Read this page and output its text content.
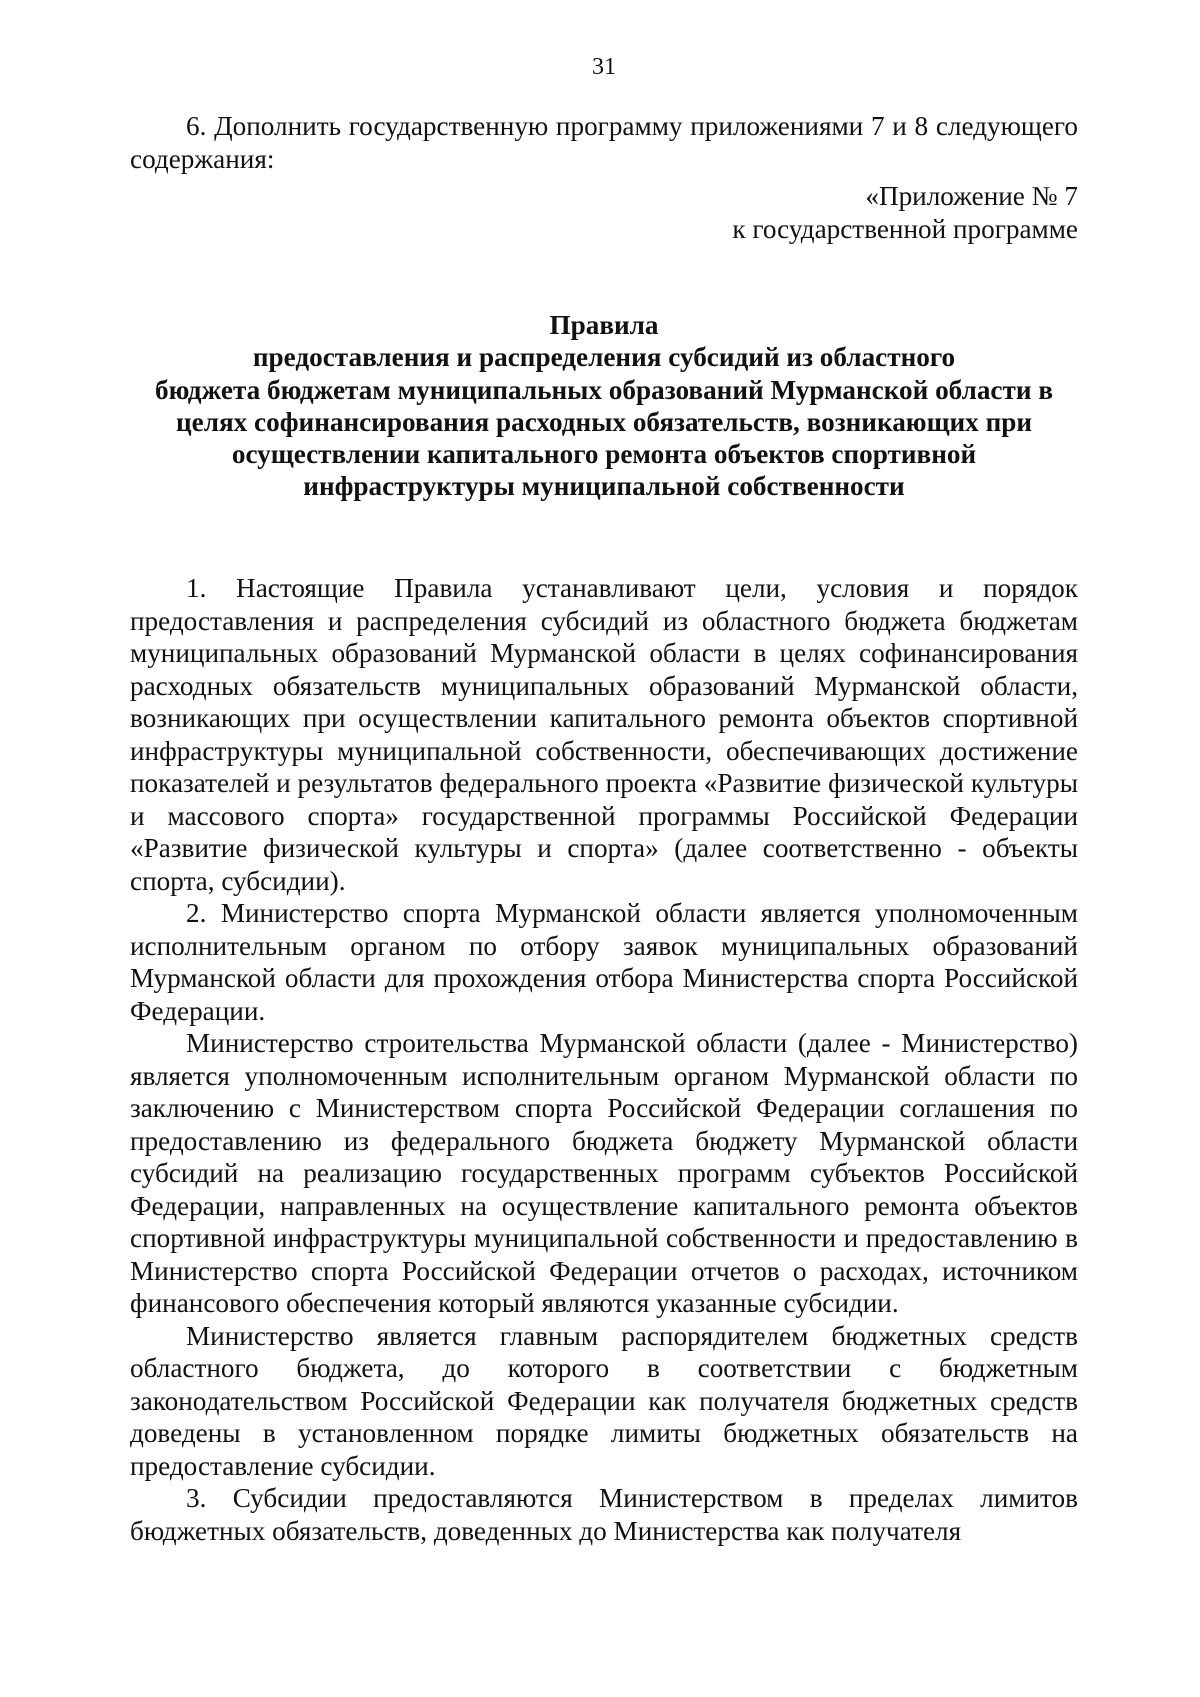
31

6. Дополнить государственную программу приложениями 7 и 8 следующего содержания:

«Приложение № 7
к государственной программе
Правила
предоставления и распределения субсидий из областного
бюджета бюджетам муниципальных образований Мурманской области в
целях софинансирования расходных обязательств, возникающих при
осуществлении капитального ремонта объектов спортивной
инфраструктуры муниципальной собственности

1. Настоящие Правила устанавливают цели, условия и порядок предоставления и распределения субсидий из областного бюджета бюджетам муниципальных образований Мурманской области в целях софинансирования расходных обязательств муниципальных образований Мурманской области, возникающих при осуществлении капитального ремонта объектов спортивной инфраструктуры муниципальной собственности, обеспечивающих достижение показателей и результатов федерального проекта «Развитие физической культуры и массового спорта» государственной программы Российской Федерации «Развитие физической культуры и спорта» (далее соответственно - объекты спорта, субсидии).

2. Министерство спорта Мурманской области является уполномоченным исполнительным органом по отбору заявок муниципальных образований Мурманской области для прохождения отбора Министерства спорта Российской Федерации.

Министерство строительства Мурманской области (далее - Министерство) является уполномоченным исполнительным органом Мурманской области по заключению с Министерством спорта Российской Федерации соглашения по предоставлению из федерального бюджета бюджету Мурманской области субсидий на реализацию государственных программ субъектов Российской Федерации, направленных на осуществление капитального ремонта объектов спортивной инфраструктуры муниципальной собственности и предоставлению в Министерство спорта Российской Федерации отчетов о расходах, источником финансового обеспечения который являются указанные субсидии.

Министерство является главным распорядителем бюджетных средств областного бюджета, до которого в соответствии с бюджетным законодательством Российской Федерации как получателя бюджетных средств доведены в установленном порядке лимиты бюджетных обязательств на предоставление субсидии.

3. Субсидии предоставляются Министерством в пределах лимитов бюджетных обязательств, доведенных до Министерства как получателя
